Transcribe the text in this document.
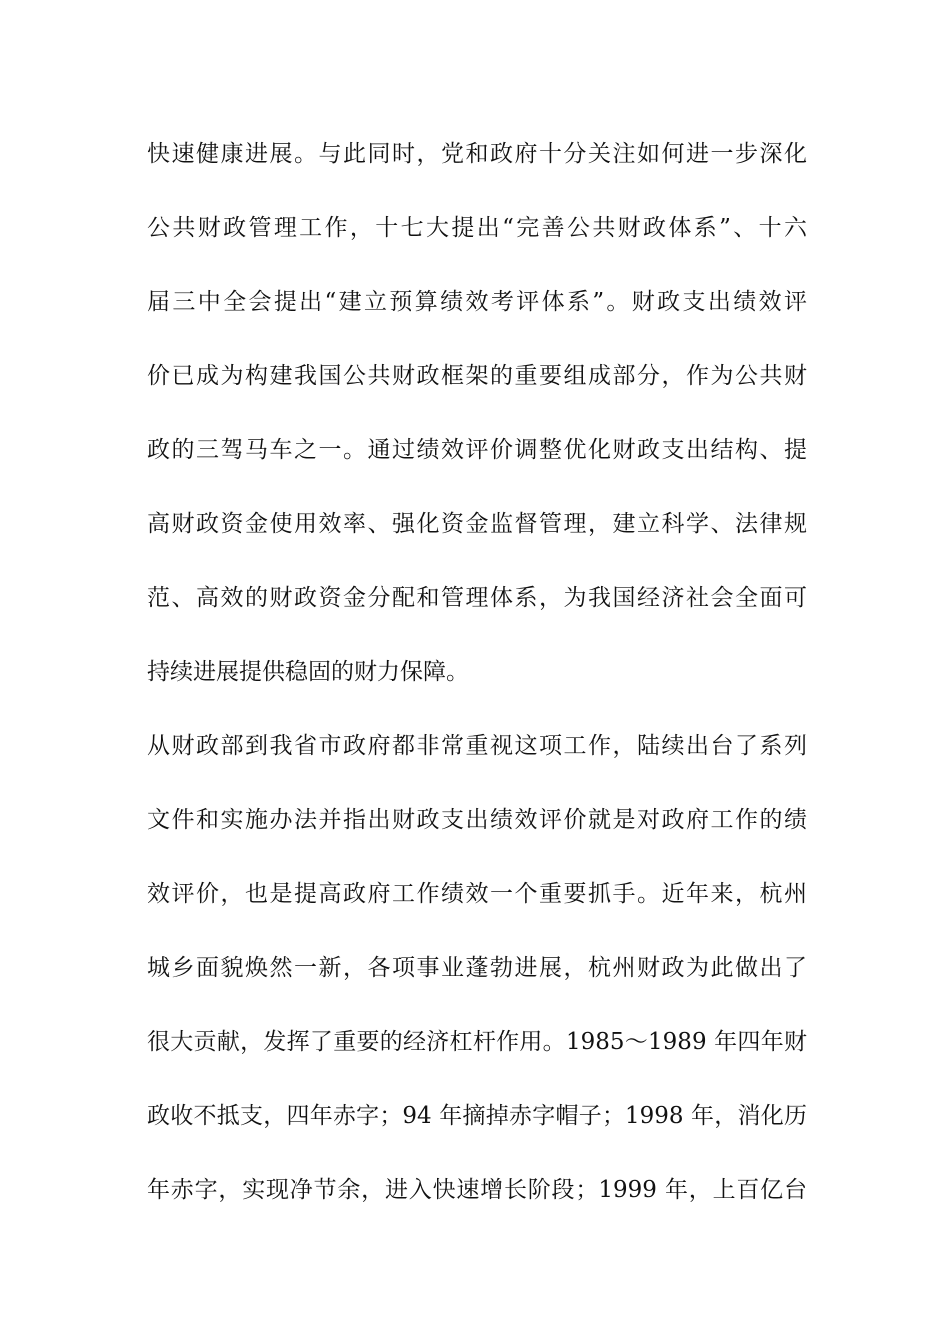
快速健康进展。与此同时，党和政府十分关注如何进一步深化
公共财政管理工作，十七大提出“完善公共财政体系”、十六
届三中全会提出“建立预算绩效考评体系”。财政支出绩效评
价已成为构建我国公共财政框架的重要组成部分，作为公共财
政的三驾马车之一。通过绩效评价调整优化财政支出结构、提
高财政资金使用效率、强化资金监督管理，建立科学、法律规
范、高效的财政资金分配和管理体系，为我国经济社会全面可
持续进展提供稳固的财力保障。
从财政部到我省市政府都非常重视这项工作，陆续出台了系列
文件和实施办法并指出财政支出绩效评价就是对政府工作的绩
效评价，也是提高政府工作绩效一个重要抓手。近年来，杭州
城乡面貌焕然一新，各项事业蓬勃进展，杭州财政为此做出了
很大贡献，发挥了重要的经济杠杆作用。1985～1989 年四年财
政收不抵支，四年赤字；94 年摘掉赤字帽子；1998 年，消化历
年赤字，实现净节余，进入快速增长阶段；1999 年，上百亿台
